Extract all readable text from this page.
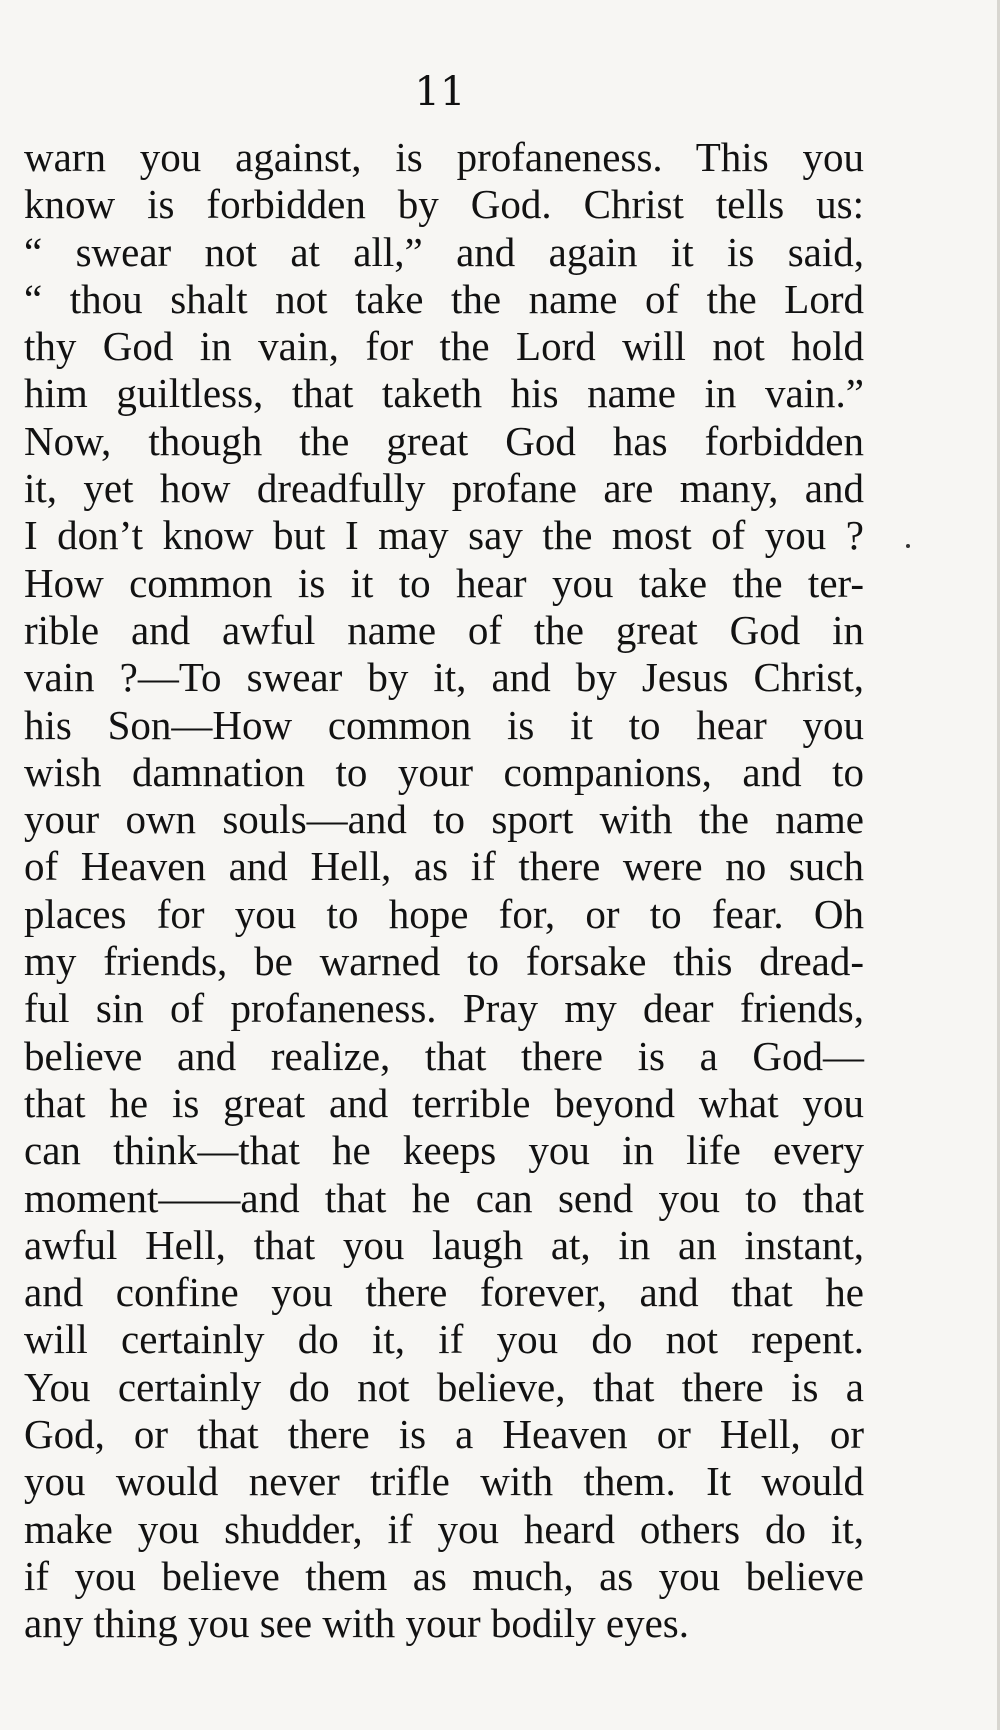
11
warn you against, is profaneness. This you
know is forbidden by God. Christ tells us:
“ swear not at all,” and again it is said,
“ thou shalt not take the name of the Lord
thy God in vain, for the Lord will not hold
him guiltless, that taketh his name in vain.”
Now, though the great God has forbidden
it, yet how dreadfully profane are many, and
I don’t know but I may say the most of you ?
How common is it to hear you take the ter-
rible and awful name of the great God in
vain ?—To swear by it, and by Jesus Christ,
his Son—How common is it to hear you
wish damnation to your companions, and to
your own souls—and to sport with the name
of Heaven and Hell, as if there were no such
places for you to hope for, or to fear. Oh
my friends, be warned to forsake this dread-
ful sin of profaneness. Pray my dear friends,
believe and realize, that there is a God—
that he is great and terrible beyond what you
can think—that he keeps you in life every
moment——and that he can send you to that
awful Hell, that you laugh at, in an instant,
and confine you there forever, and that he
will certainly do it, if you do not repent.
You certainly do not believe, that there is a
God, or that there is a Heaven or Hell, or
you would never trifle with them. It would
make you shudder, if you heard others do it,
if you believe them as much, as you believe
any thing you see with your bodily eyes.
